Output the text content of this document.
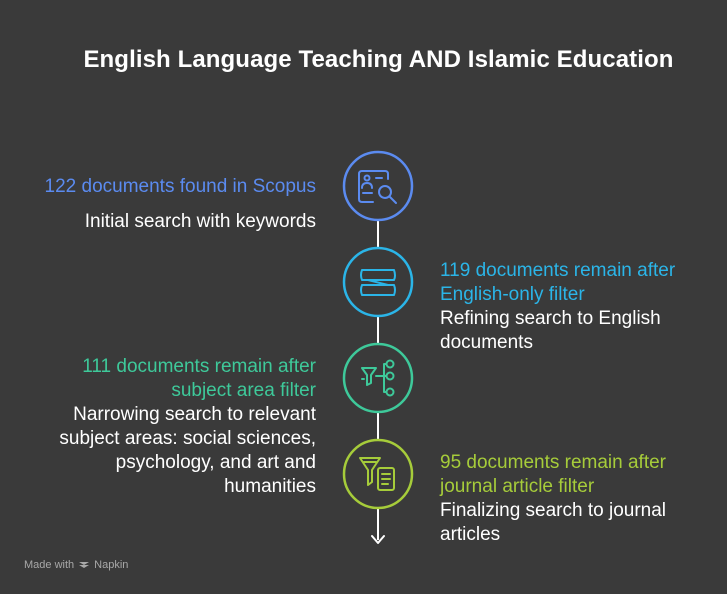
English Language Teaching AND Islamic Education
122 documents found in Scopus
Initial search with keywords
119 documents remain after English-only filter
Refining search to English documents
111 documents remain after subject area filter
Narrowing search to relevant subject areas: social sciences, psychology, and art and humanities
95 documents remain after journal article filter
Finalizing search to journal articles
Made with Napkin
